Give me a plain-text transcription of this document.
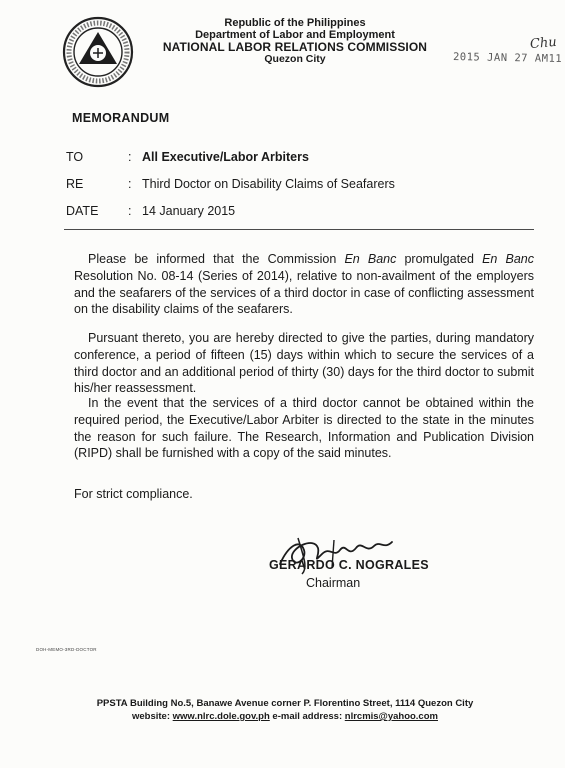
Republic of the Philippines
Department of Labor and Employment
NATIONAL LABOR RELATIONS COMMISSION
Quezon City
Chu
2015 JAN 27 AM11
MEMORANDUM
TO	: All Executive/Labor Arbiters
RE	: Third Doctor on Disability Claims of Seafarers
DATE	: 14 January 2015

Please be informed that the Commission En Banc promulgated En Banc Resolution No. 08-14 (Series of 2014), relative to non-availment of the employers and the seafarers of the services of a third doctor in case of conflicting assessment on the disability claims of the seafarers.

Pursuant thereto, you are hereby directed to give the parties, during mandatory conference, a period of fifteen (15) days within which to secure the services of a third doctor and an additional period of thirty (30) days for the third doctor to submit his/her reassessment.

In the event that the services of a third doctor cannot be obtained within the required period, the Executive/Labor Arbiter is directed to the state in the minutes the reason for such failure. The Research, Information and Publication Division (RIPD) shall be furnished with a copy of the said minutes.

For strict compliance.

GERARDO C. NOGRALES
Chairman
DOH-MEMO-3RD-DOCTOR
PPSTA Building No.5, Banawe Avenue corner P. Florentino Street, 1114 Quezon City
website: www.nlrc.dole.gov.ph e-mail address: nlrcmis@yahoo.com
